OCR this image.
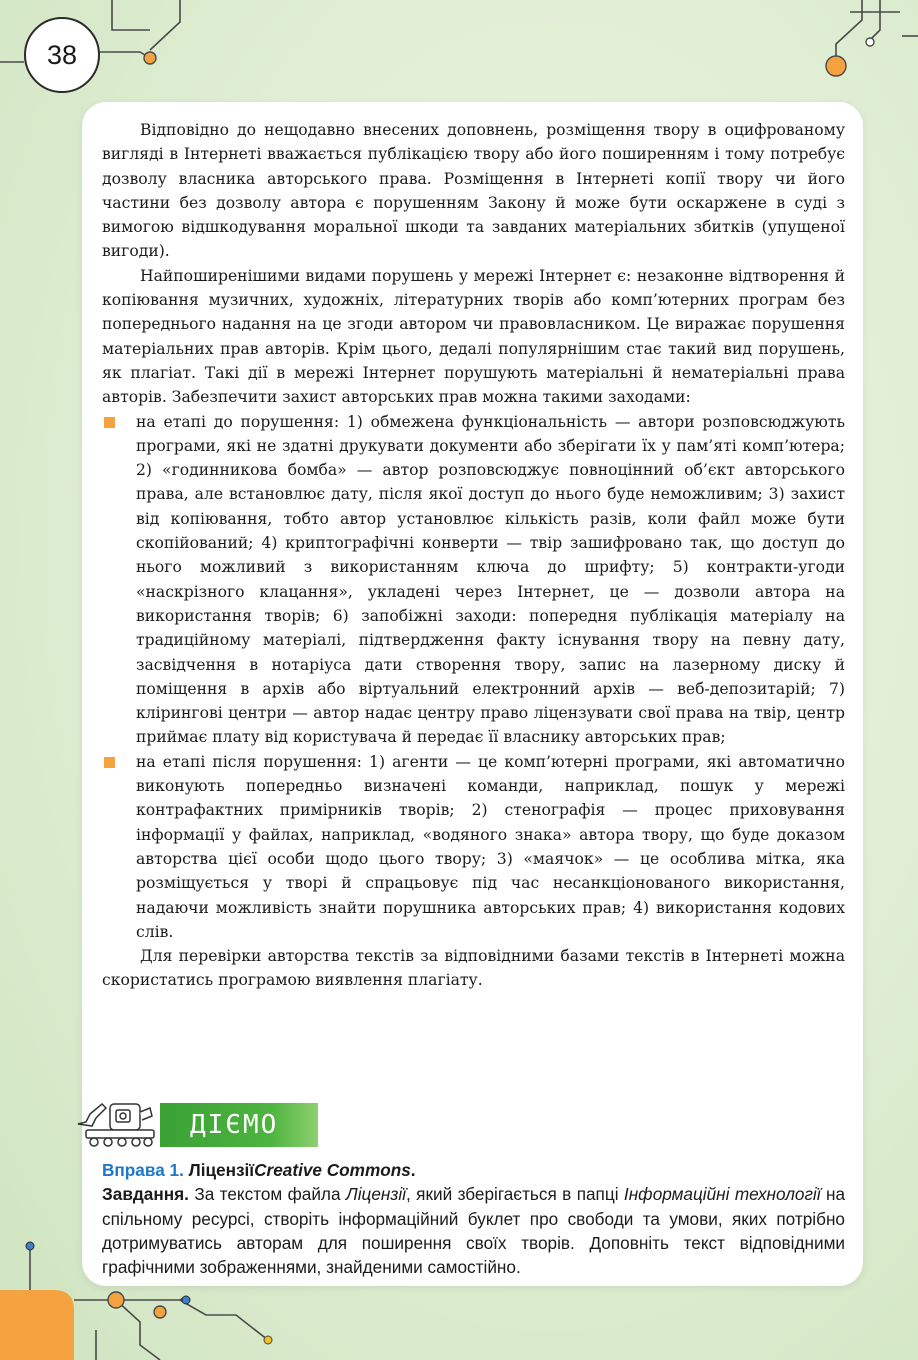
38

Відповідно до нещодавно внесених доповнень, розміщення твору в оцифрованому вигляді в Інтернеті вважається публікацією твору або його поширенням і тому потребує дозволу власника авторського права. Розміщення в Інтернеті копії твору чи його частини без дозволу автора є порушенням Закону й може бути оскаржене в суді з вимогою відшкодування моральної шкоди та завданих матеріальних збитків (упущеної вигоди).

Найпоширенішими видами порушень у мережі Інтернет є: незаконне відтворення й копіювання музичних, художніх, літературних творів або комп’ютерних програм без попереднього надання на це згоди автором чи правовласником. Це виражає порушення матеріальних прав авторів. Крім цього, дедалі популярнішим стає такий вид порушень, як плагіат. Такі дії в мережі Інтернет порушують матеріальні й нематеріальні права авторів. Забезпечити захист авторських прав можна такими заходами:

на етапі до порушення: 1) обмежена функціональність — автори розповсюджують програми, які не здатні друкувати документи або зберігати їх у пам’яті комп’ютера; 2) «годинникова бомба» — автор розповсюджує повноцінний об’єкт авторського права, але встановлює дату, після якої доступ до нього буде неможливим; 3) захист від копіювання, тобто автор установлює кількість разів, коли файл може бути скопійований; 4) криптографічні конверти — твір зашифровано так, що доступ до нього можливий з використанням ключа до шрифту; 5) контракти-угоди «наскрізного клацання», укладені через Інтернет, це — дозволи автора на використання творів; 6) запобіжні заходи: попередня публікація матеріалу на традиційному матеріалі, підтвердження факту існування твору на певну дату, засвідчення в нотаріуса дати створення твору, запис на лазерному диску й поміщення в архів або віртуальний електронний архів — веб-депозитарій; 7) клірингові центри — автор надає центру право ліцензувати свої права на твір, центр приймає плату від користувача й передає її власнику авторських прав;
на етапі після порушення: 1) агенти — це комп’ютерні програми, які автоматично виконують попередньо визначені команди, наприклад, пошук у мережі контрафактних примірників творів; 2) стенографія — процес приховування інформації у файлах, наприклад, «водяного знака» автора твору, що буде доказом авторства цієї особи щодо цього твору; 3) «маячок» — це особлива мітка, яка розміщується у творі й спрацьовує під час несанкціонованого використання, надаючи можливість знайти порушника авторських прав; 4) використання кодових слів.

Для перевірки авторства текстів за відповідними базами текстів в Інтернеті можна скористатись програмою виявлення плагіату.

ДІЄМО

Вправа 1. ЛіцензіїCreative Commons.

Завдання. За текстом файла Ліцензії, який зберігається в папці Інформаційні технології на спільному ресурсі, створіть інформаційний буклет про свободи та умови, яких потрібно дотримуватись авторам для поширення своїх творів. Доповніть текст відповідними графічними зображеннями, знайденими самостійно.
